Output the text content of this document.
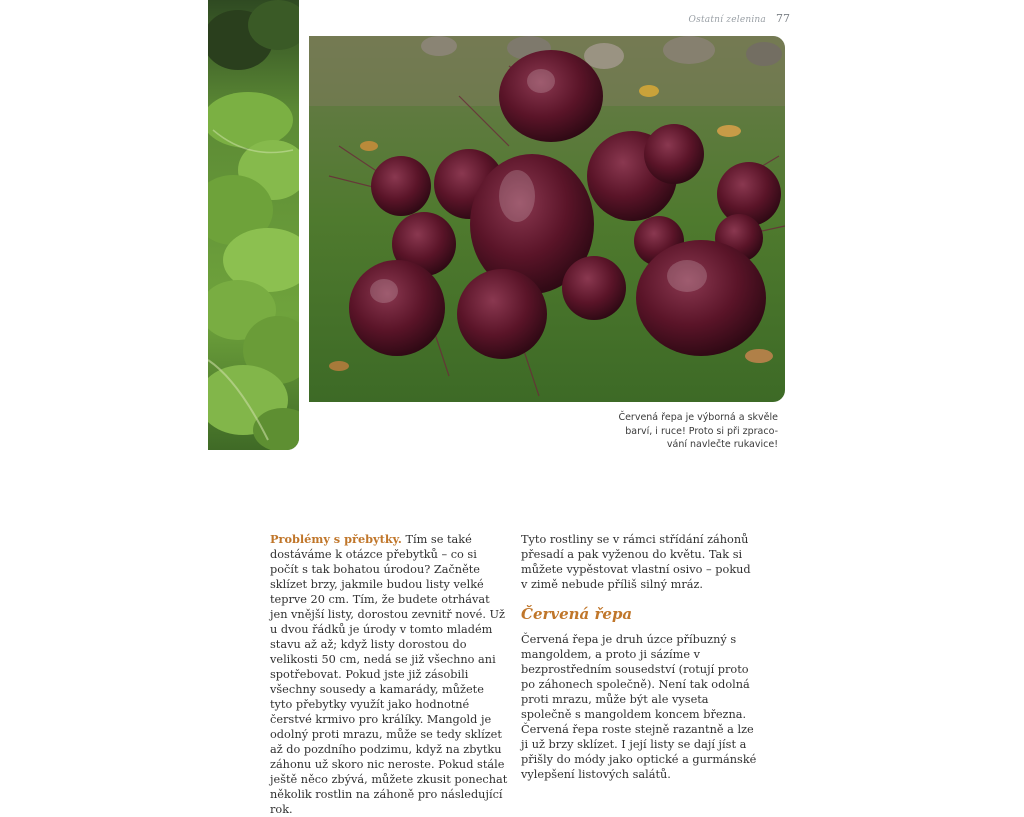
Ostatní zelenina 77
Červená řepa je výborná a skvěle
barví, i ruce! Proto si při zpraco-
vání navlečte rukavice!

Problémy s přebytky. Tím se také dostáváme k otázce přebytků – co si počít s tak bohatou úrodou? Začněte sklízet brzy, jakmile budou listy velké teprve 20 cm. Tím, že budete otrhávat jen vnější listy, dorostou zevnitř nové. Už u dvou řádků je úrody v tomto mladém stavu až až; když listy dorostou do velikosti 50 cm, nedá se již všechno ani spotřebovat. Pokud jste již zásobili všechny sousedy a kamarády, můžete tyto přebytky využít jako hodnotné čerstvé krmivo pro králíky. Mangold je odolný proti mrazu, může se tedy sklízet až do pozdního podzimu, když na zbytku záhonu už skoro nic neroste. Pokud stále ještě něco zbývá, můžete zkusit ponechat několik rostlin na záhoně pro následující rok.

Tyto rostliny se v rámci střídání záhonů přesadí a pak vyženou do květu. Tak si můžete vypěstovat vlastní osivo – pokud v zimě nebude příliš silný mráz.

Červená řepa

Červená řepa je druh úzce příbuzný s mangoldem, a proto ji sázíme v bezprostředním sousedství (rotují proto po záhonech společně). Není tak odolná proti mrazu, může být ale vyseta společně s mangoldem koncem března. Červená řepa roste stejně razantně a lze ji už brzy sklízet. I její listy se dají jíst a přišly do módy jako optické a gurmánské vylepšení listových salátů.
